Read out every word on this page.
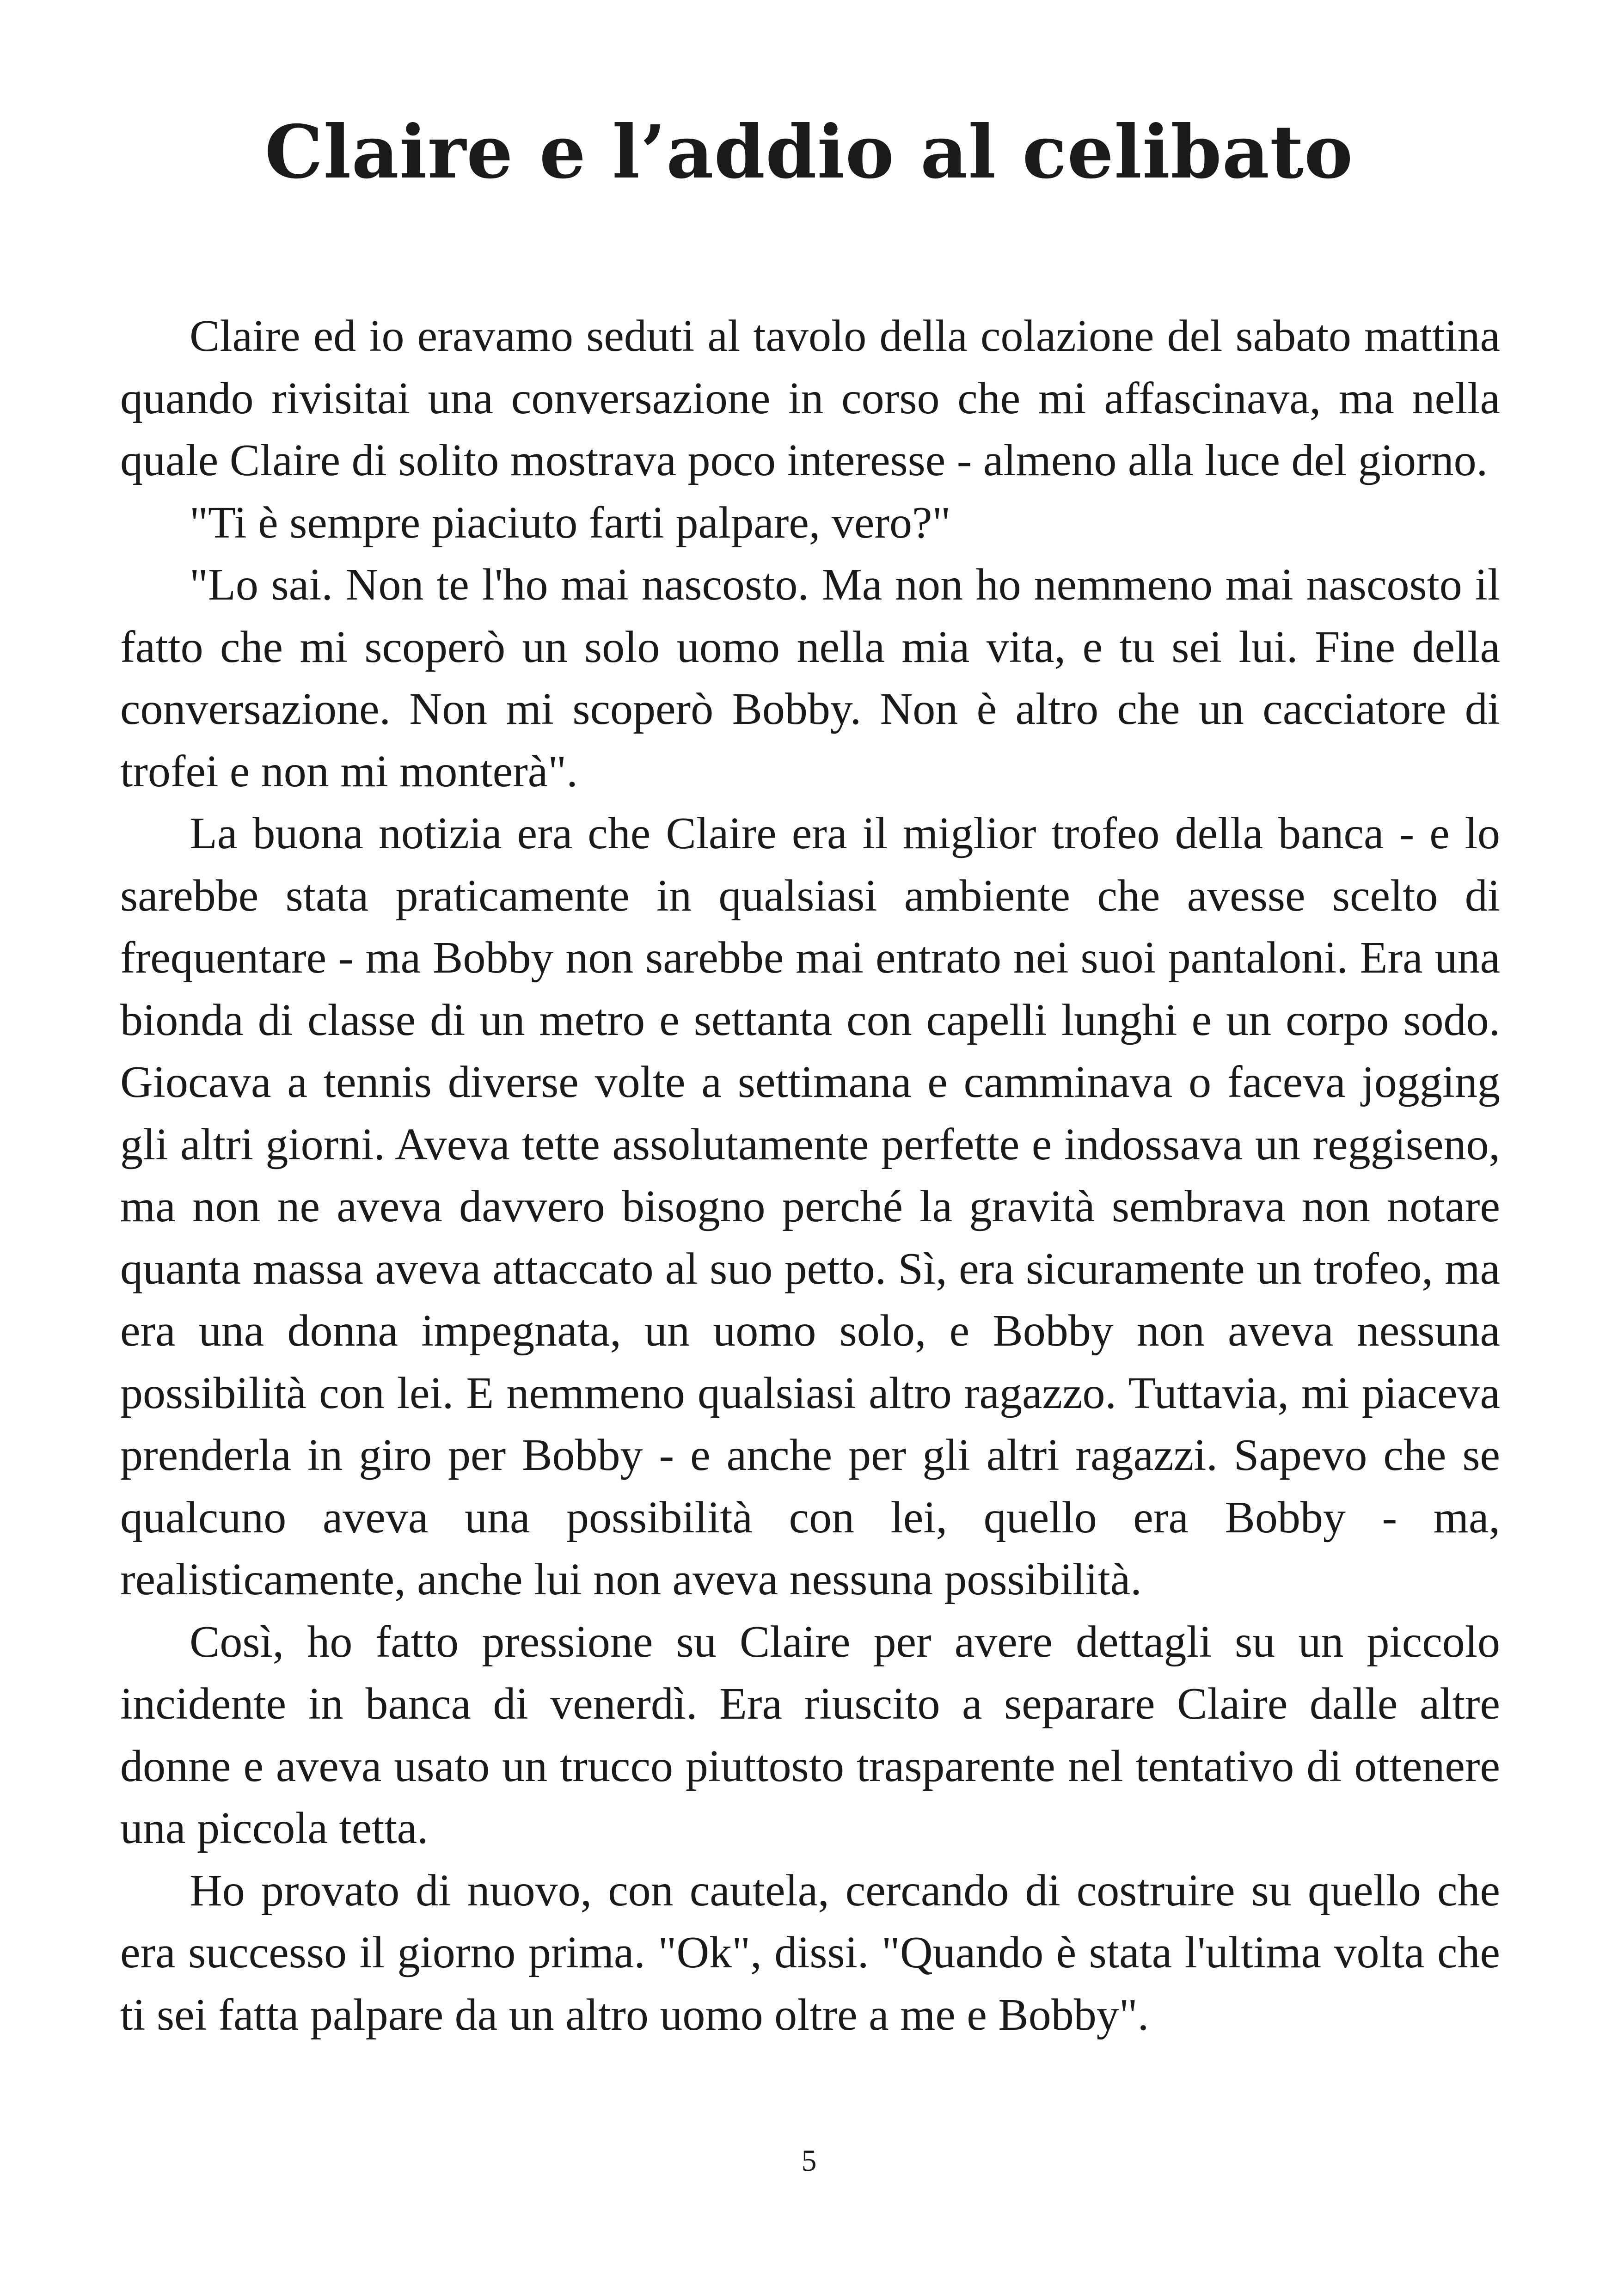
Claire e l’addio al celibato

Claire ed io eravamo seduti al tavolo della colazione del sabato mattina quando rivisitai una conversazione in corso che mi affascinava, ma nella quale Claire di solito mostrava poco interesse - almeno alla luce del giorno.

"Ti è sempre piaciuto farti palpare, vero?"

"Lo sai. Non te l'ho mai nascosto. Ma non ho nemmeno mai nascosto il fatto che mi scoperò un solo uomo nella mia vita, e tu sei lui. Fine della conversazione. Non mi scoperò Bobby. Non è altro che un cacciatore di trofei e non mi monterà".

La buona notizia era che Claire era il miglior trofeo della banca - e lo sarebbe stata praticamente in qualsiasi ambiente che avesse scelto di frequentare - ma Bobby non sarebbe mai entrato nei suoi pantaloni. Era una bionda di classe di un metro e settanta con capelli lunghi e un corpo sodo. Giocava a tennis diverse volte a settimana e camminava o faceva jogging gli altri giorni. Aveva tette assolutamente perfette e indossava un reggiseno, ma non ne aveva davvero bisogno perché la gravità sembrava non notare quanta massa aveva attaccato al suo petto. Sì, era sicuramente un trofeo, ma era una donna impegnata, un uomo solo, e Bobby non aveva nessuna possibilità con lei. E nemmeno qualsiasi altro ragazzo. Tuttavia, mi piaceva prenderla in giro per Bobby - e anche per gli altri ragazzi. Sapevo che se qualcuno aveva una possibilità con lei, quello era Bobby - ma, realisticamente, anche lui non aveva nessuna possibilità.

Così, ho fatto pressione su Claire per avere dettagli su un piccolo incidente in banca di venerdì. Era riuscito a separare Claire dalle altre donne e aveva usato un trucco piuttosto trasparente nel tentativo di ottenere una piccola tetta.

Ho provato di nuovo, con cautela, cercando di costruire su quello che era successo il giorno prima. "Ok", dissi. "Quando è stata l'ultima volta che ti sei fatta palpare da un altro uomo oltre a me e Bobby".

5
